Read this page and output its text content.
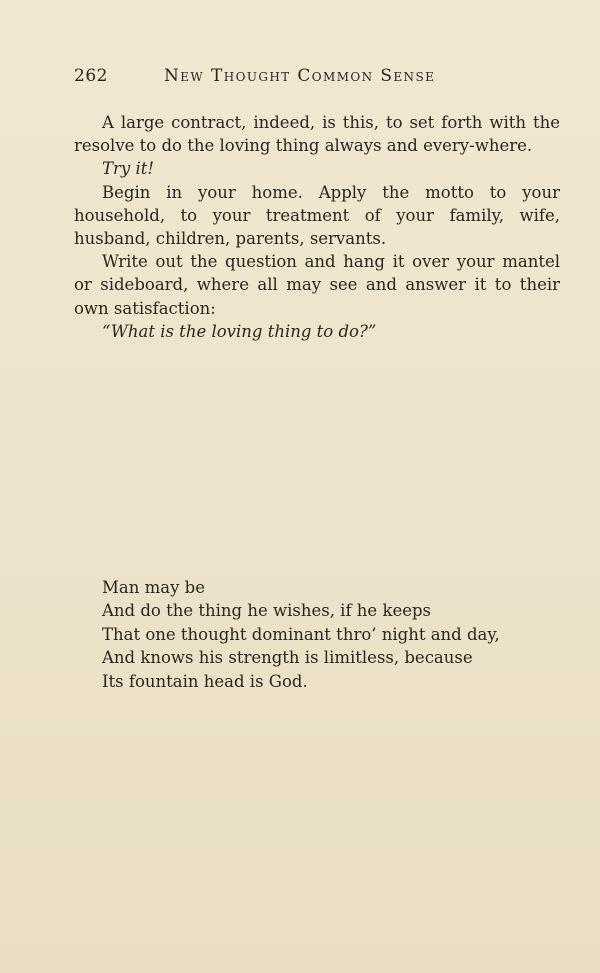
262	New Thought Common Sense

A large contract, indeed, is this, to set forth with the resolve to do the loving thing always and every-where.

Try it!

Begin in your home. Apply the motto to your household, to your treatment of your family, wife, husband, children, parents, servants.

Write out the question and hang it over your mantel or sideboard, where all may see and answer it to their own satisfaction:

“What is the loving thing to do?”

Man may be
And do the thing he wishes, if he keeps
That one thought dominant thro’ night and day,
And knows his strength is limitless, because
Its fountain head is God.
